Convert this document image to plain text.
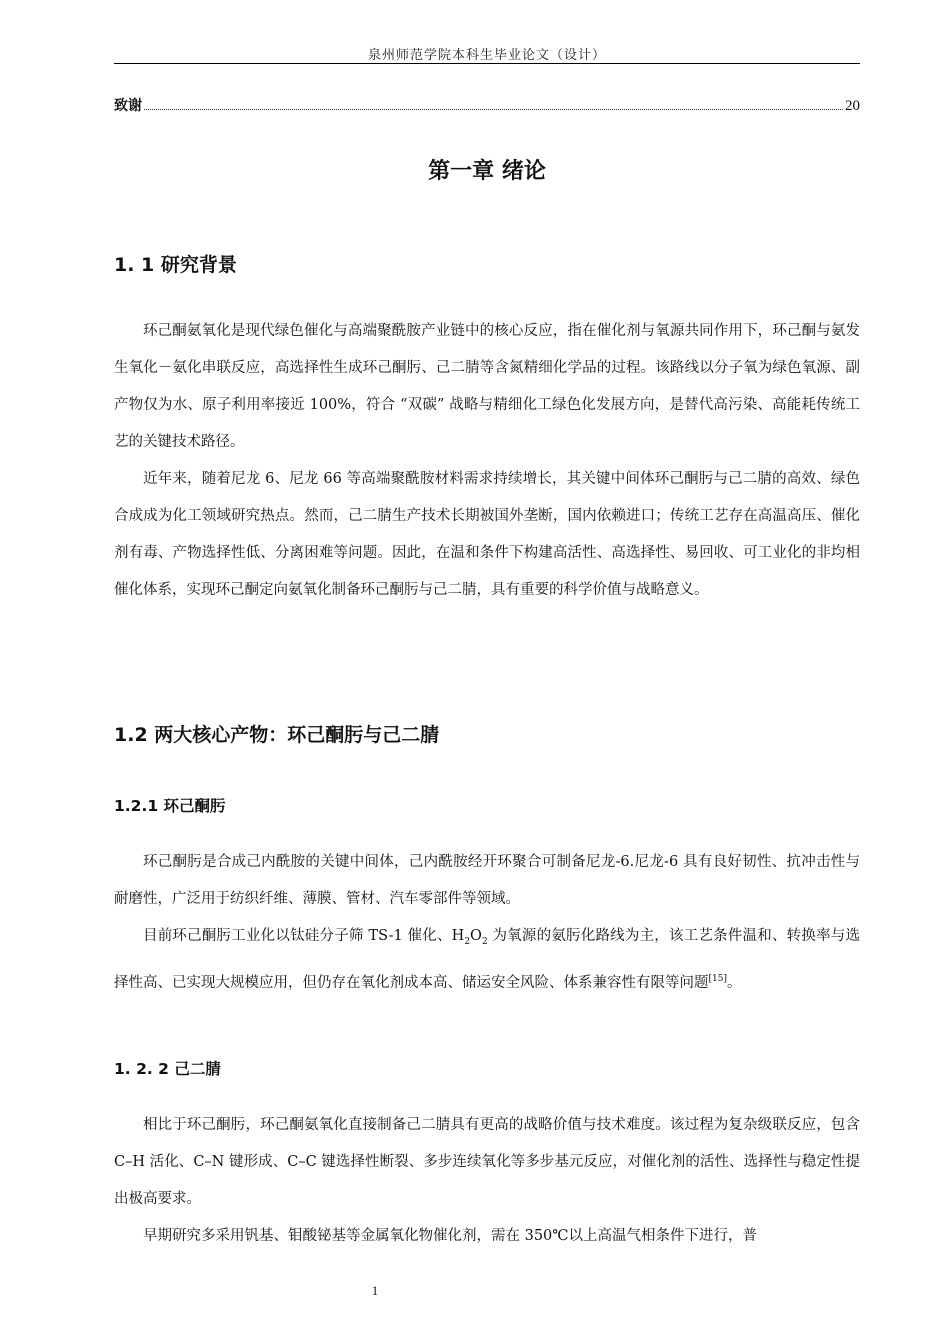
泉州师范学院本科生毕业论文（设计）
致谢	20
第一章 绪论
1. 1 研究背景

环己酮氨氧化是现代绿色催化与高端聚酰胺产业链中的核心反应，指在催化剂与氧源共同作用下，环己酮与氨发生氧化－氨化串联反应，高选择性生成环己酮肟、己二腈等含氮精细化学品的过程。该路线以分子氧为绿色氧源、副产物仅为水、原子利用率接近 100%，符合 “双碳” 战略与精细化工绿色化发展方向，是替代高污染、高能耗传统工艺的关键技术路径。

近年来，随着尼龙 6、尼龙 66 等高端聚酰胺材料需求持续增长，其关键中间体环己酮肟与己二腈的高效、绿色合成成为化工领域研究热点。然而，己二腈生产技术长期被国外垄断，国内依赖进口；传统工艺存在高温高压、催化剂有毒、产物选择性低、分离困难等问题。因此，在温和条件下构建高活性、高选择性、易回收、可工业化的非均相催化体系，实现环己酮定向氨氧化制备环己酮肟与己二腈，具有重要的科学价值与战略意义。

1.2 两大核心产物：环己酮肟与己二腈
1.2.1 环己酮肟

环己酮肟是合成己内酰胺的关键中间体，己内酰胺经开环聚合可制备尼龙-6.尼龙-6 具有良好韧性、抗冲击性与耐磨性，广泛用于纺织纤维、薄膜、管材、汽车零部件等领域。

目前环己酮肟工业化以钛硅分子筛 TS-1 催化、$H_2O_2$ 为氧源的氨肟化路线为主，该工艺条件温和、转换率与选择性高、已实现大规模应用，但仍存在氧化剂成本高、储运安全风险、体系兼容性有限等问题[15]。

1. 2. 2 己二腈

相比于环己酮肟，环己酮氨氧化直接制备己二腈具有更高的战略价值与技术难度。该过程为复杂级联反应，包含 C–H 活化、C–N 键形成、C–C 键选择性断裂、多步连续氧化等多步基元反应，对催化剂的活性、选择性与稳定性提出极高要求。

早期研究多采用钒基、钼酸铋基等金属氧化物催化剂，需在 350℃以上高温气相条件下进行，普

1
